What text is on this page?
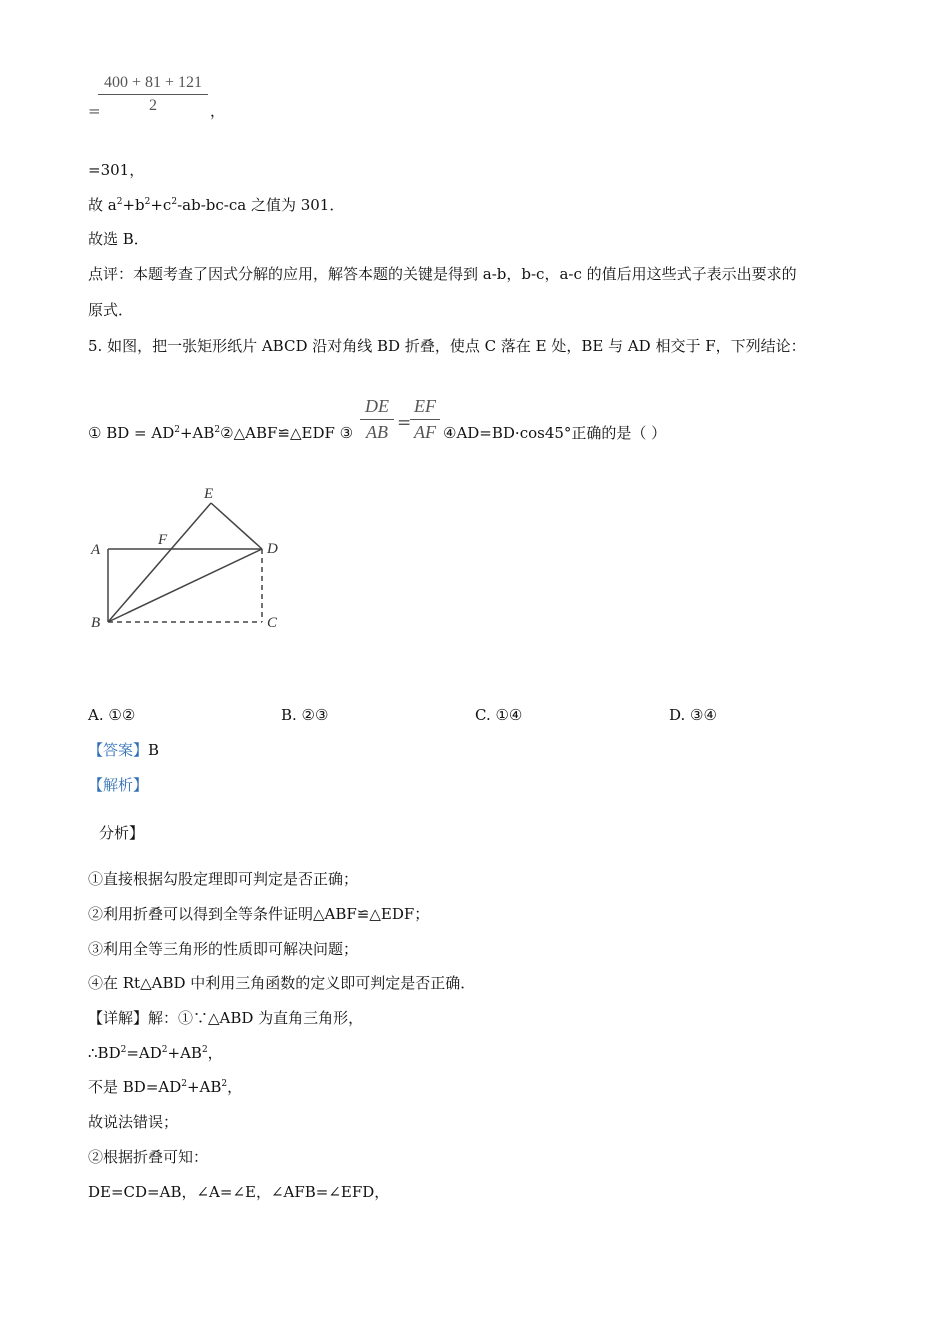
=
400 + 81 + 121
2	，
=301，
故 $a^2+b^2+c^2-ab-bc-ca$ 之值为 301．
故选 B．
点评：本题考查了因式分解的应用，解答本题的关键是得到 a-b，b-c，a-c 的值后用这些式子表示出要求的
原式．
5. 如图，把一张矩形纸片 ABCD 沿对角线 BD 折叠，使点 C 落在 E 处，BE 与 AD 相交于 F，下列结论：
① BD = $AD^2+AB^2②\triangle ABF≌\triangle EDF$ ③
DE
AB =
EF
AF ④AD=BD·cos45°正确的是（ ）
E
A
F
D
B	C
A. ①②	B. ②③	C. ①④	D. ③④
【答案】B
【解析】
分析】
①直接根据勾股定理即可判定是否正确；
②利用折叠可以得到全等条件证明△ABF≌△EDF；
③利用全等三角形的性质即可解决问题；
④在 Rt△ABD 中利用三角函数的定义即可判定是否正确．
【详解】解：①∵△ABD 为直角三角形，
$\therefore BD^2=AD^2+AB^2$，
不是 $BD=AD^2+AB^2$，
故说法错误；
②根据折叠可知：
DE=CD=AB，∠A=∠E，∠AFB=∠EFD，
